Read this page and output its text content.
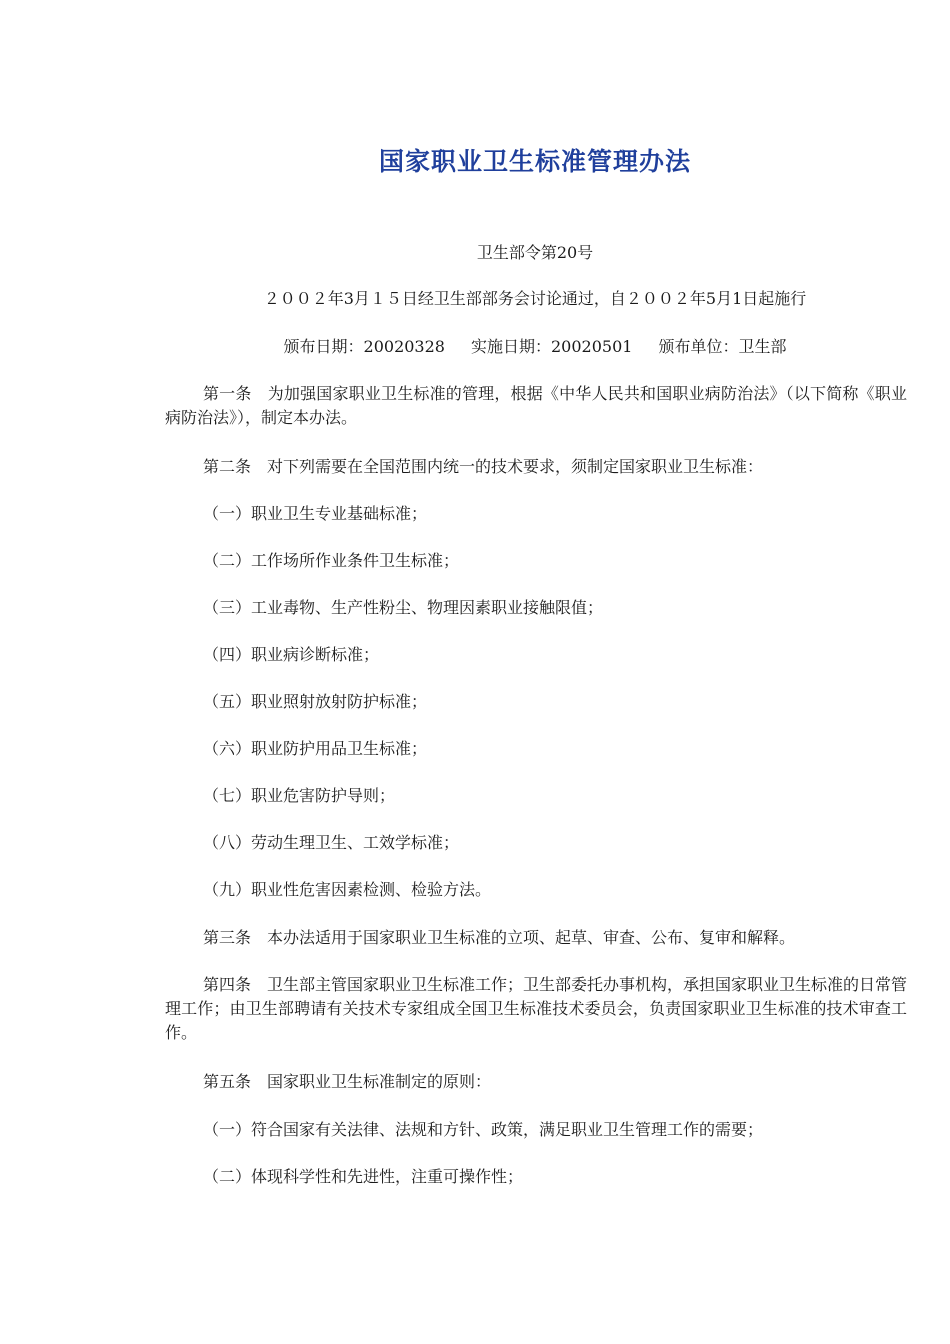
国家职业卫生标准管理办法

卫生部令第20号

２００２年3月１５日经卫生部部务会讨论通过，自２００２年5月1日起施行

颁布日期：20020328 实施日期：20020501 颁布单位：卫生部

第一条　为加强国家职业卫生标准的管理，根据《中华人民共和国职业病防治法》（以下简称《职业病防治法》），制定本办法。

第二条　对下列需要在全国范围内统一的技术要求，须制定国家职业卫生标准：

（一）职业卫生专业基础标准；

（二）工作场所作业条件卫生标准；

（三）工业毒物、生产性粉尘、物理因素职业接触限值；

（四）职业病诊断标准；

（五）职业照射放射防护标准；

（六）职业防护用品卫生标准；

（七）职业危害防护导则；

（八）劳动生理卫生、工效学标准；

（九）职业性危害因素检测、检验方法。

第三条　本办法适用于国家职业卫生标准的立项、起草、审查、公布、复审和解释。

第四条　卫生部主管国家职业卫生标准工作；卫生部委托办事机构，承担国家职业卫生标准的日常管理工作；由卫生部聘请有关技术专家组成全国卫生标准技术委员会，负责国家职业卫生标准的技术审查工作。

第五条　国家职业卫生标准制定的原则：

（一）符合国家有关法律、法规和方针、政策，满足职业卫生管理工作的需要；

（二）体现科学性和先进性，注重可操作性；
